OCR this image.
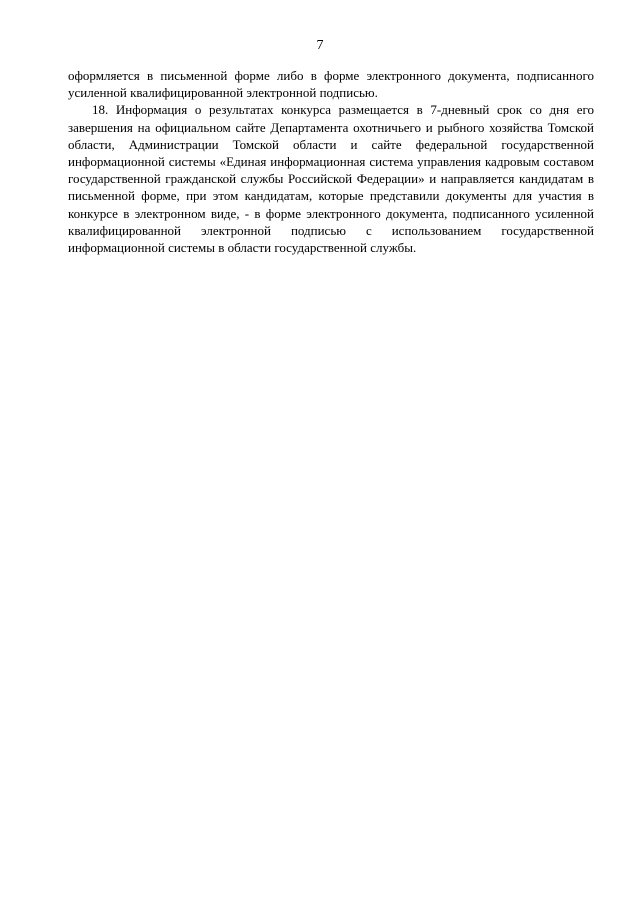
7

оформляется в письменной форме либо в форме электронного документа, подписанного усиленной квалифицированной электронной подписью.

18. Информация о результатах конкурса размещается в 7-дневный срок со дня его завершения на официальном сайте Департамента охотничьего и рыбного хозяйства Томской области, Администрации Томской области и сайте федеральной государственной информационной системы «Единая информационная система управления кадровым составом государственной гражданской службы Российской Федерации» и направляется кандидатам в письменной форме, при этом кандидатам, которые представили документы для участия в конкурсе в электронном виде, - в форме электронного документа, подписанного усиленной квалифицированной электронной подписью с использованием государственной информационной системы в области государственной службы.
